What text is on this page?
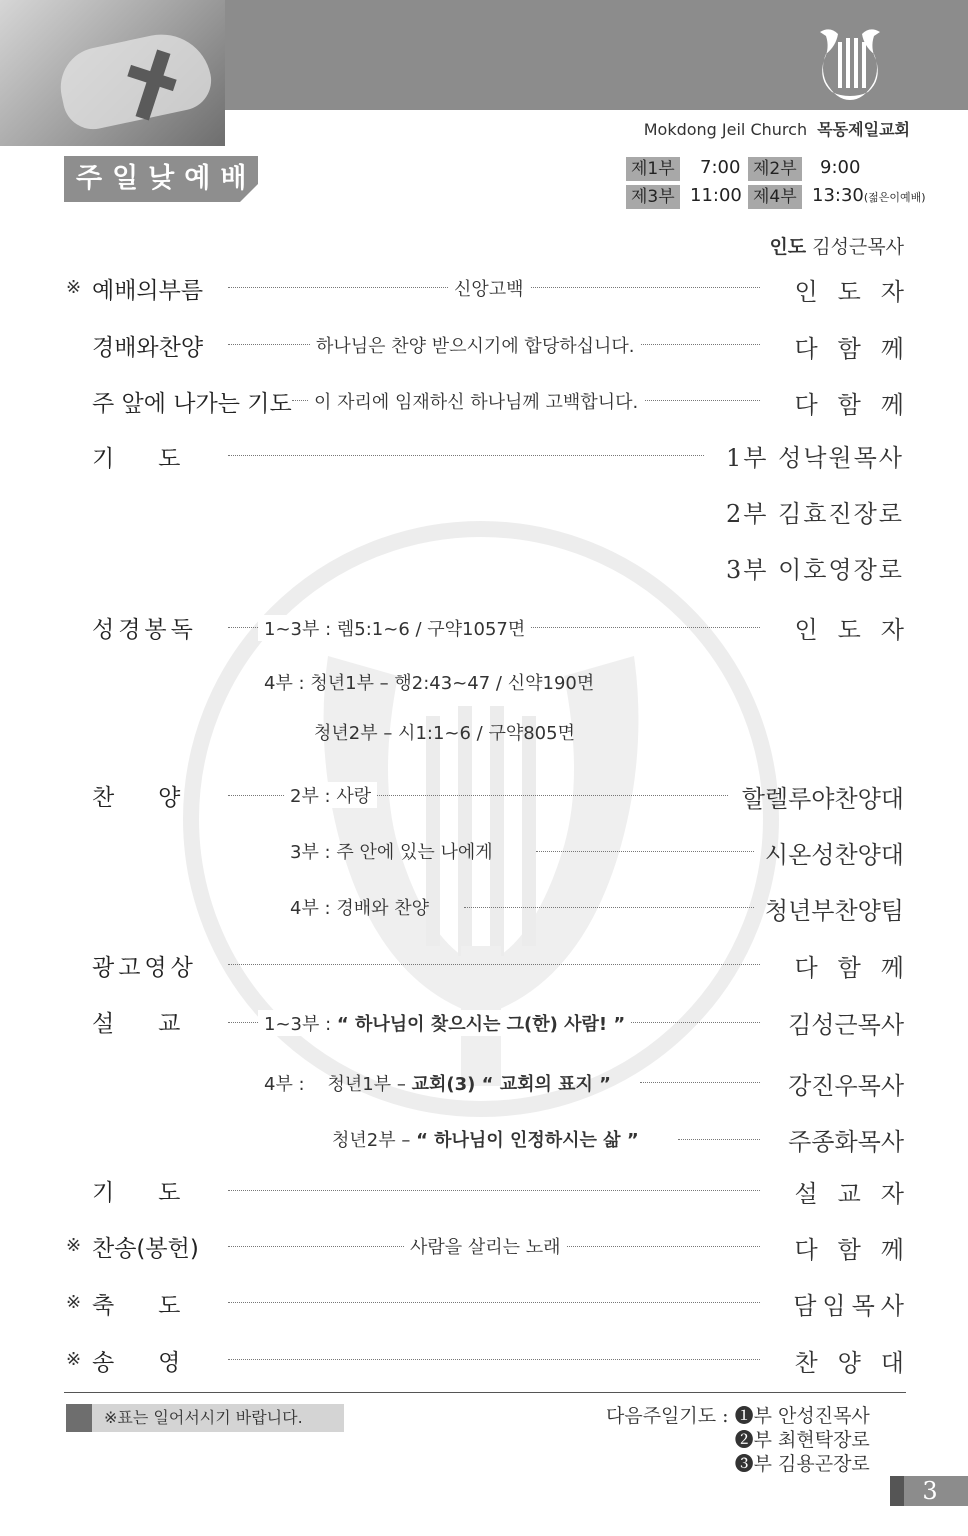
Mokdong Jeil Church 목동제일교회
주일낮예배	제1부 7:00 제2부 9:00
제3부 11:00 제4부 13:30(젊은이예배)
인도 김성근목사
※ 예배의부름	신앙고백	인도자
경배와찬양	하나님은 찬양 받으시기에 합당하십니다.	다함께
주 앞에 나가는 기도	이 자리에 임재하신 하나님께 고백합니다.	다함께
기      도	1부 성낙원목사
2부 김효진장로
3부 이호영장로
성경봉독	1~3부 : 렘5:1~6 / 구약1057면	인도자
4부 : 청년1부 – 행2:43~47 / 신약190면
청년2부 – 시1:1~6 / 구약805면
찬      양	2부 : 사랑	할렐루야찬양대
3부 : 주 안에 있는 나에게	시온성찬양대
4부 : 경배와 찬양	청년부찬양팀
광고영상	다함께
설      교	1~3부 : “ 하나님이 찾으시는 그(한) 사람! ”	김성근목사
4부 :    청년1부 – 교회(3) “ 교회의 표지 ”	강진우목사
청년2부 – “ 하나님이 인정하시는 삶 ”	주종화목사
기      도	설교자
※ 찬송(봉헌)	사람을 살리는 노래	다함께
※ 축      도	담임목사
※ 송      영	찬양대
※표는 일어서시기 바랍니다.	다음주일기도 : ❶부 안성진목사
❷부 최현탁장로
❸부 김용곤장로
3
